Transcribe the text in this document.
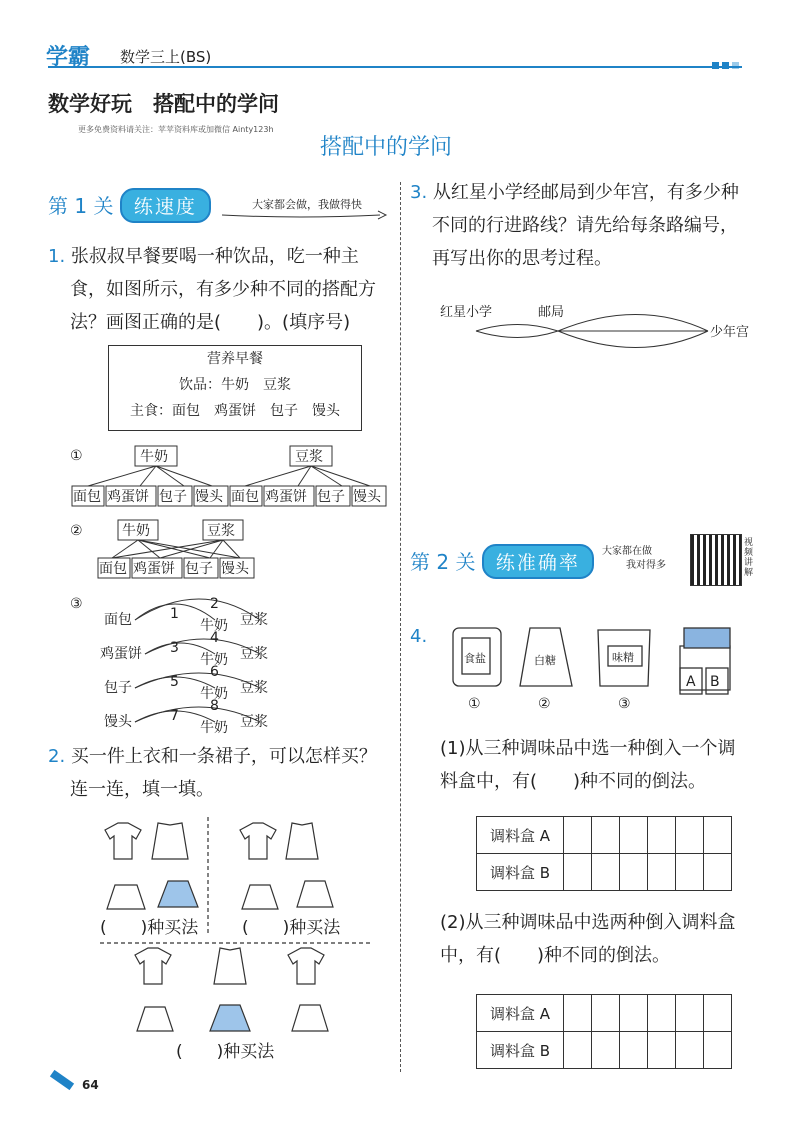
学霸 数学三上(BS)
数学好玩　搭配中的学问
更多免费资料请关注：苹苹资料库或加微信 Ainty123h
搭配中的学问
第 1 关 练速度	大家都会做，我做得快
1. 张叔叔早餐要喝一种饮品，吃一种主
食，如图所示，有多少种不同的搭配方
法？画图正确的是(　　)。(填序号)
营养早餐
饮品：牛奶　豆浆
主食：面包　鸡蛋饼　包子　馒头
①	牛奶	豆浆
面包 鸡蛋饼 包子 馒头 面包 鸡蛋饼 包子 馒头
②	牛奶	豆浆
面包 鸡蛋饼 包子 馒头
③
面包	1
2
牛奶 豆浆
鸡蛋饼 3
4
牛奶 豆浆
包子	5
6
牛奶 豆浆
馒头	7
8
牛奶 豆浆
2. 买一件上衣和一条裙子，可以怎样买？
连一连，填一填。
(　　)种买法	(　　)种买法
(　　)种买法
3. 从红星小学经邮局到少年宫，有多少种
不同的行进路线？请先给每条路编号，
再写出你的思考过程。
红星小学	邮局
少年宫
第 2 关 练准确率
大家都在做
我对得多
视频讲解
4.
食盐	白糖	味精
A B
①	②	③
(1)从三种调味品中选一种倒入一个调
料盒中，有(　　)种不同的倒法。
调料盒 A						
调料盒 B						
(2)从三种调味品中选两种倒入调料盒
中，有(　　)种不同的倒法。
调料盒 A						
调料盒 B						
64
